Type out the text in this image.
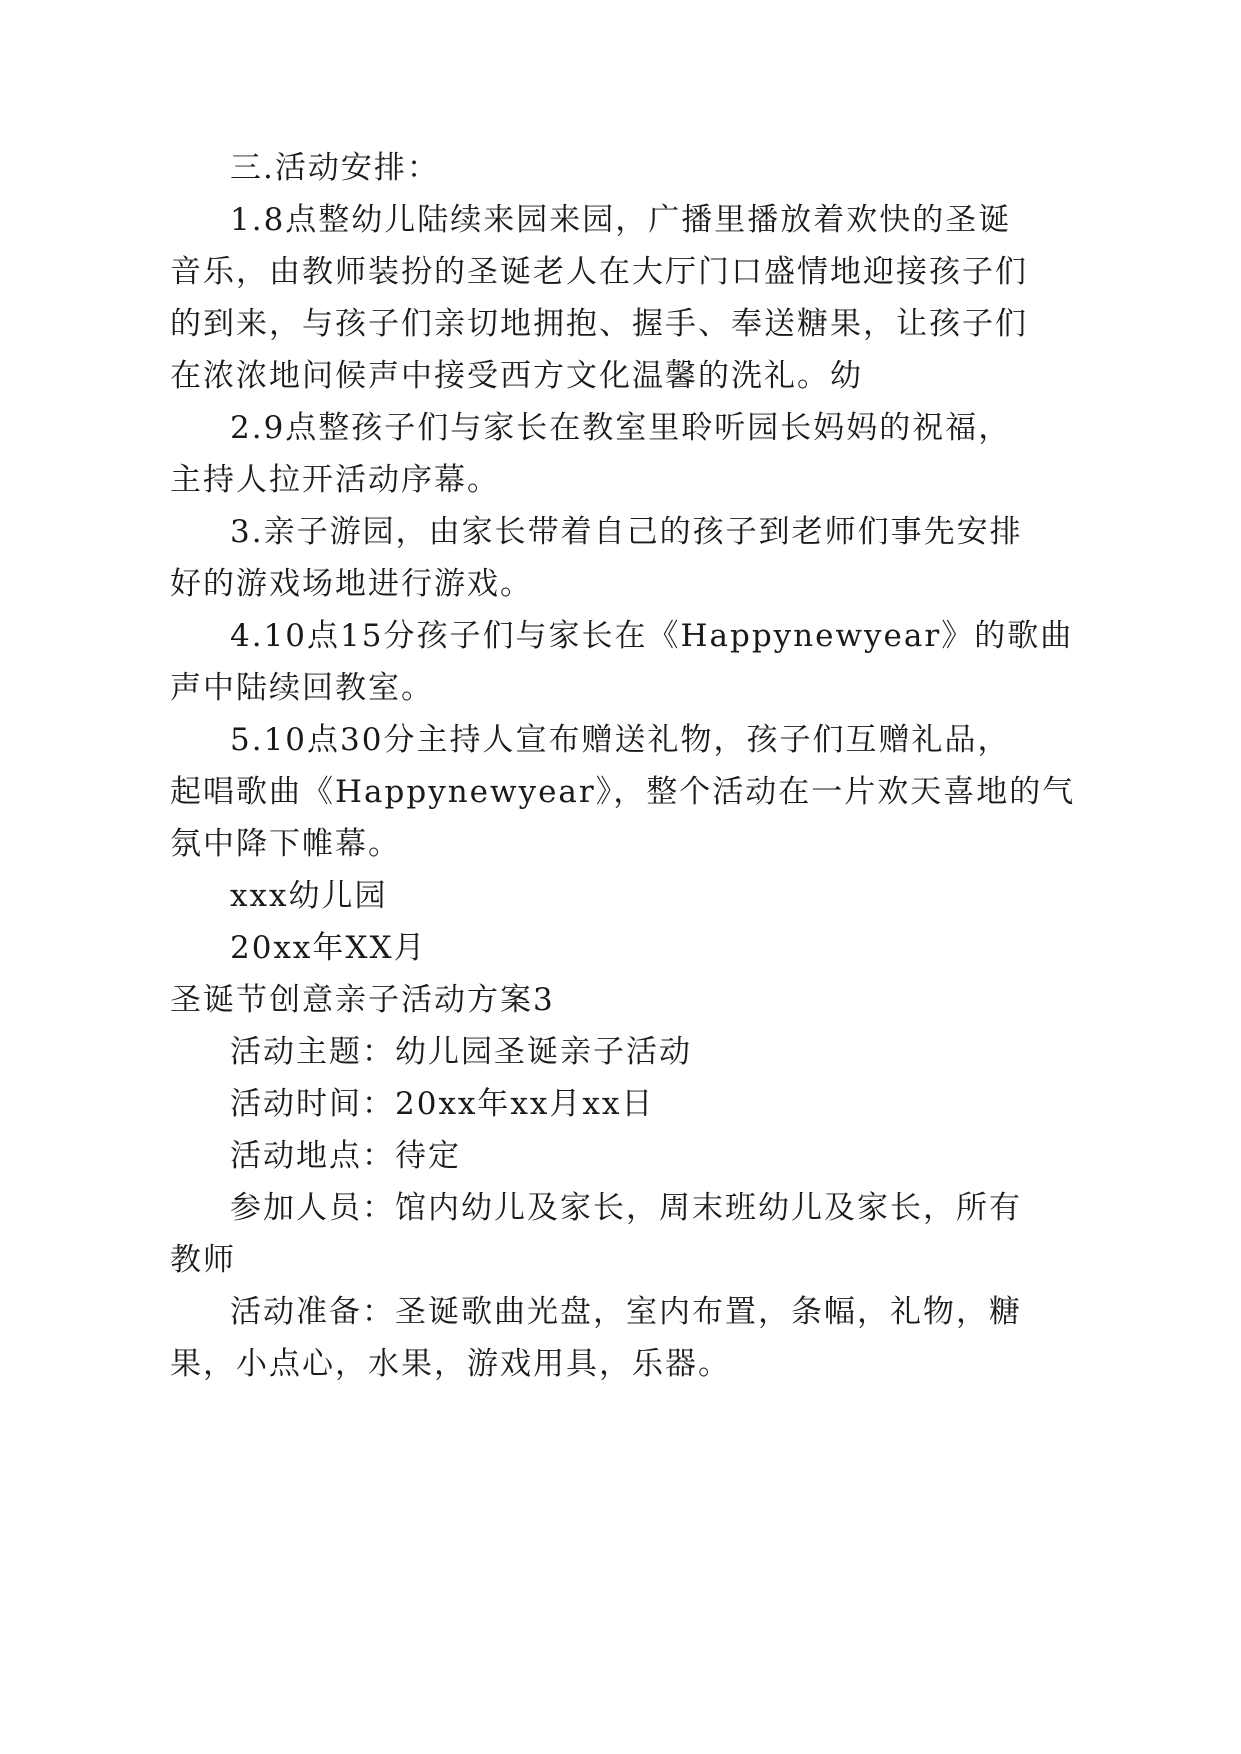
三.活动安排：
1.8点整幼儿陆续来园来园，广播里播放着欢快的圣诞
音乐，由教师装扮的圣诞老人在大厅门口盛情地迎接孩子们
的到来，与孩子们亲切地拥抱、握手、奉送糖果，让孩子们
在浓浓地问候声中接受西方文化温馨的洗礼。幼
2.9点整孩子们与家长在教室里聆听园长妈妈的祝福，
主持人拉开活动序幕。
3.亲子游园，由家长带着自己的孩子到老师们事先安排
好的游戏场地进行游戏。
4.10点15分孩子们与家长在《Happynewyear》的歌曲
声中陆续回教室。
5.10点30分主持人宣布赠送礼物，孩子们互赠礼品，
起唱歌曲《Happynewyear》，整个活动在一片欢天喜地的气
氛中降下帷幕。
xxx幼儿园
20xx年XX月
圣诞节创意亲子活动方案3
活动主题：幼儿园圣诞亲子活动
活动时间：20xx年xx月xx日
活动地点：待定
参加人员：馆内幼儿及家长，周末班幼儿及家长，所有
教师
活动准备：圣诞歌曲光盘，室内布置，条幅，礼物，糖
果，小点心，水果，游戏用具，乐器。
